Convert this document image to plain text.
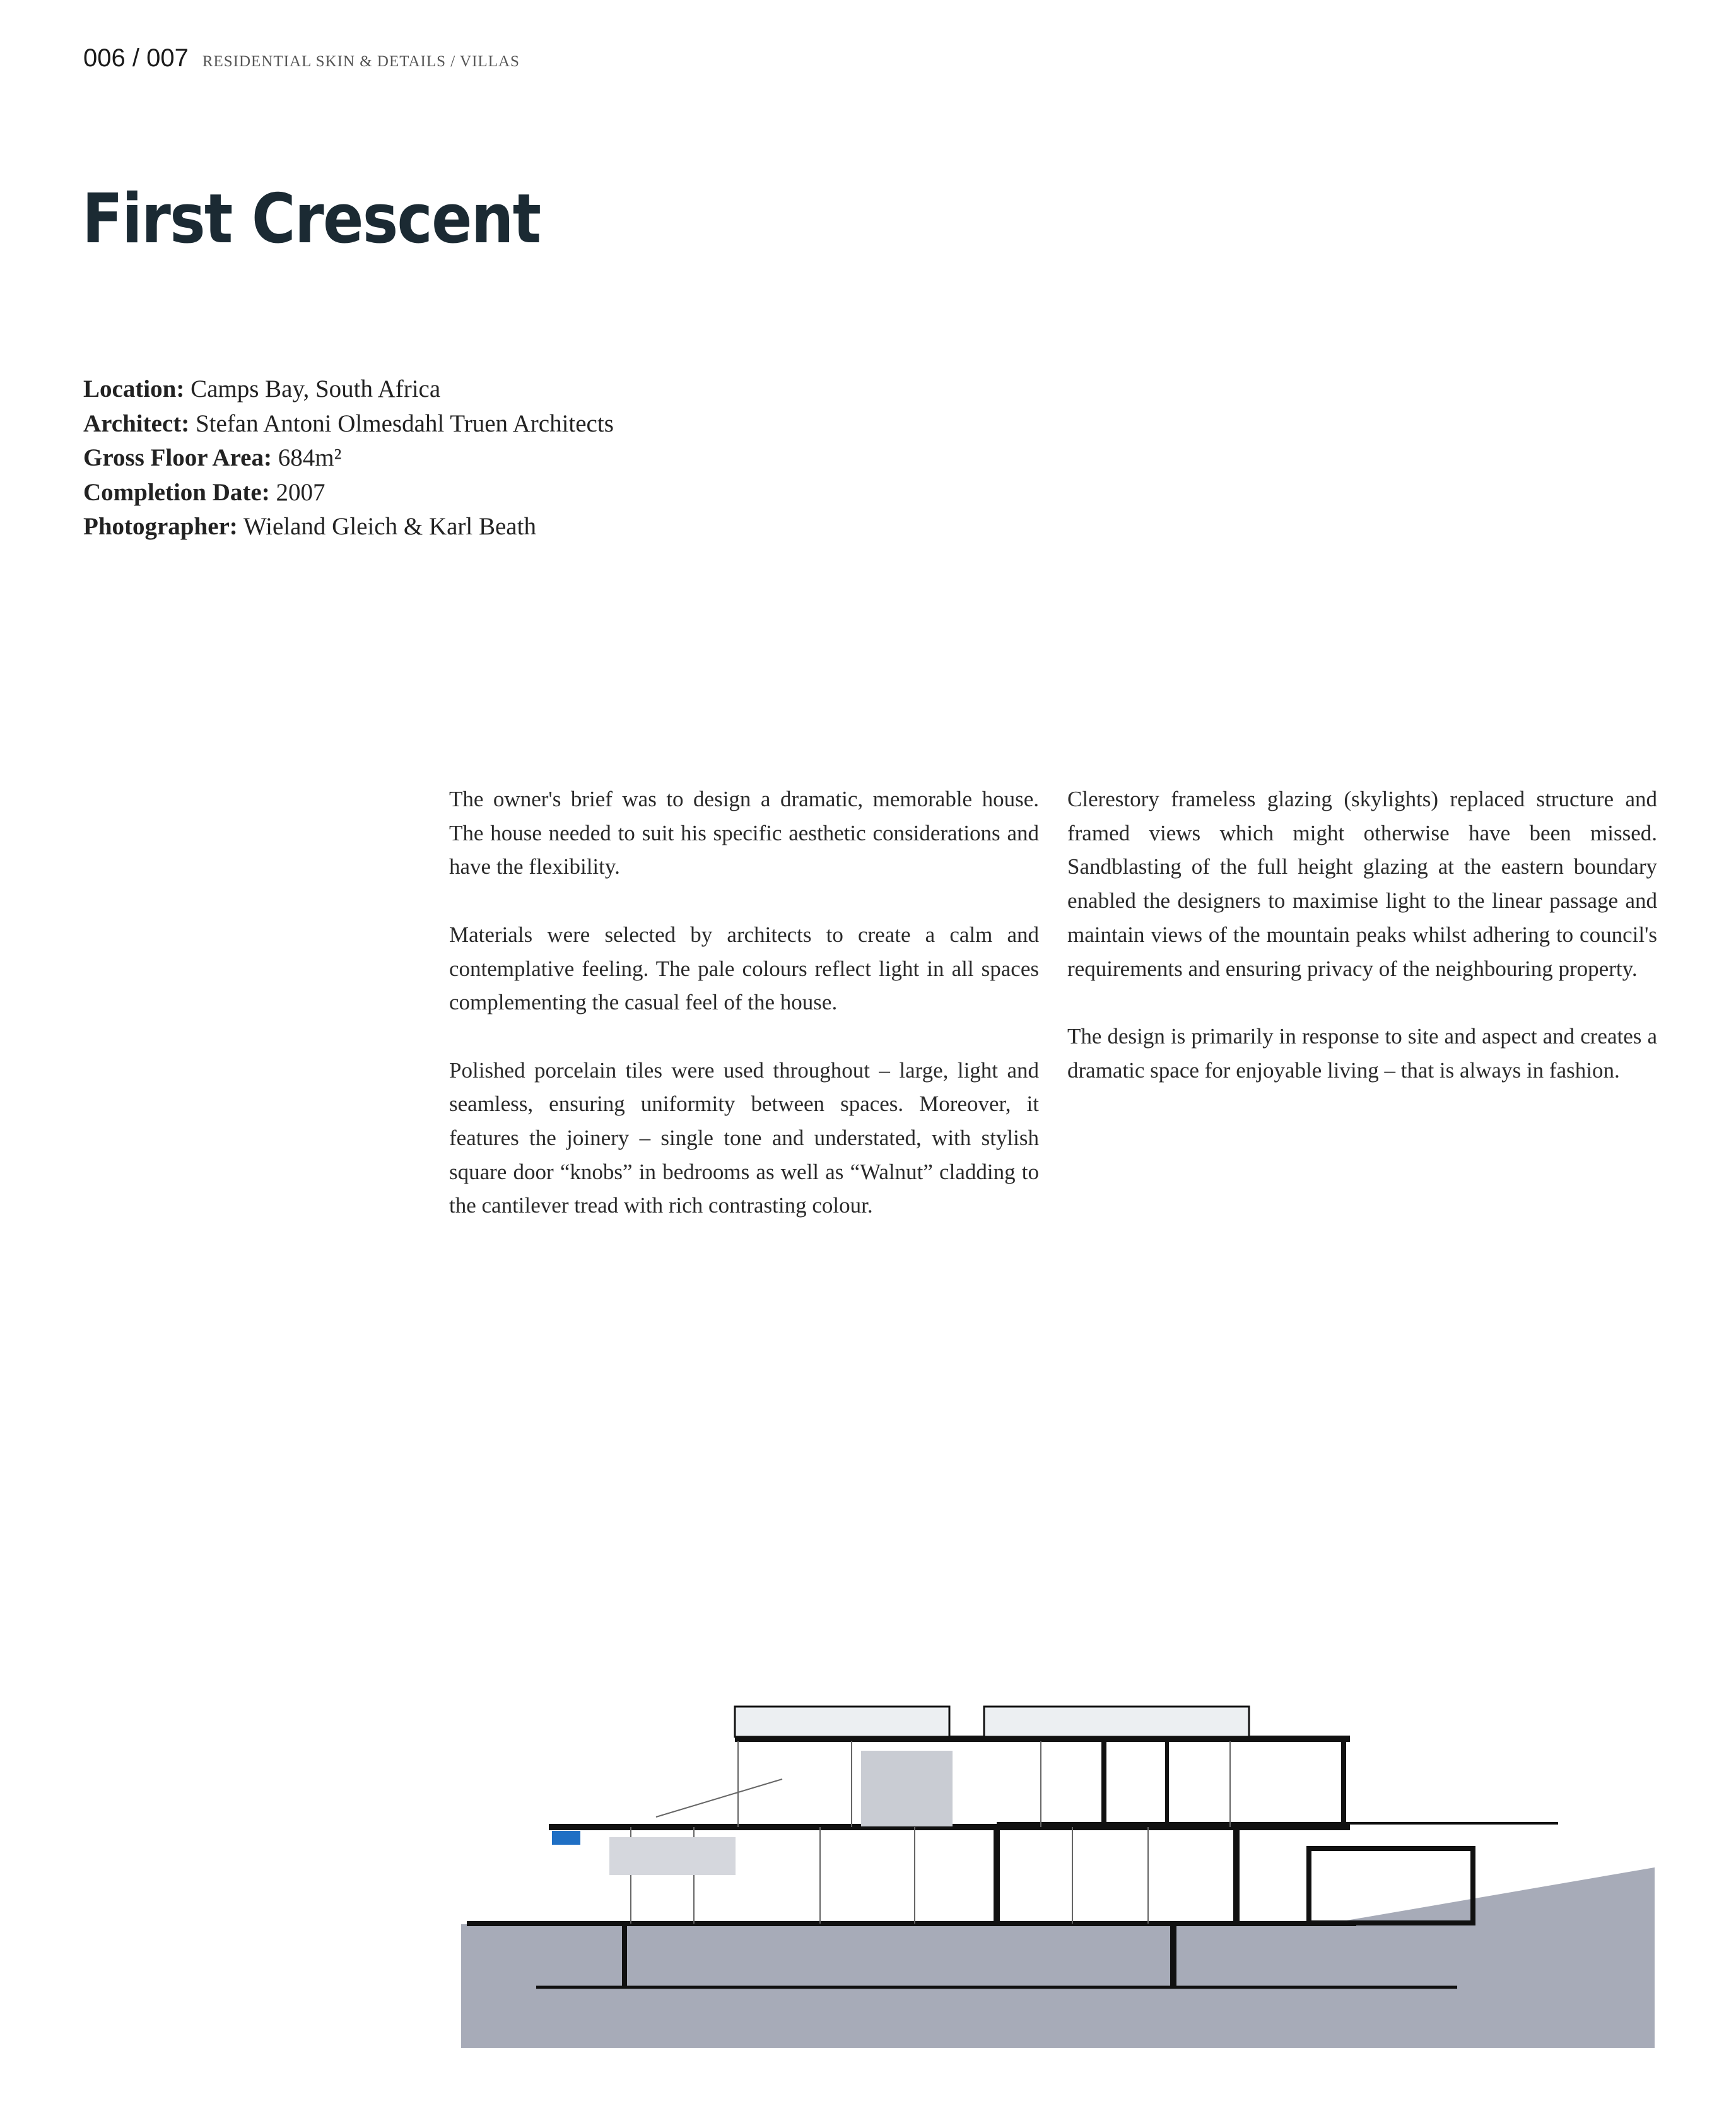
006 / 007 RESIDENTIAL SKIN & DETAILS / VILLAS
First Crescent
Location: Camps Bay, South Africa
Architect: Stefan Antoni Olmesdahl Truen Architects
Gross Floor Area: 684m²
Completion Date: 2007
Photographer: Wieland Gleich & Karl Beath

The owner's brief was to design a dramatic, memorable house. The house needed to suit his specific aesthetic considerations and have the flexibility.

Materials were selected by architects to create a calm and contemplative feeling. The pale colours reflect light in all spaces complementing the casual feel of the house.

Polished porcelain tiles were used throughout – large, light and seamless, ensuring uniformity between spaces. Moreover, it features the joinery – single tone and understated, with stylish square door “knobs” in bedrooms as well as “Walnut” cladding to the cantilever tread with rich contrasting colour.

Clerestory frameless glazing (skylights) replaced structure and framed views which might otherwise have been missed. Sandblasting of the full height glazing at the eastern boundary enabled the designers to maximise light to the linear passage and maintain views of the mountain peaks whilst adhering to council's requirements and ensuring privacy of the neighbouring property.

The design is primarily in response to site and aspect and creates a dramatic space for enjoyable living – that is always in fashion.
